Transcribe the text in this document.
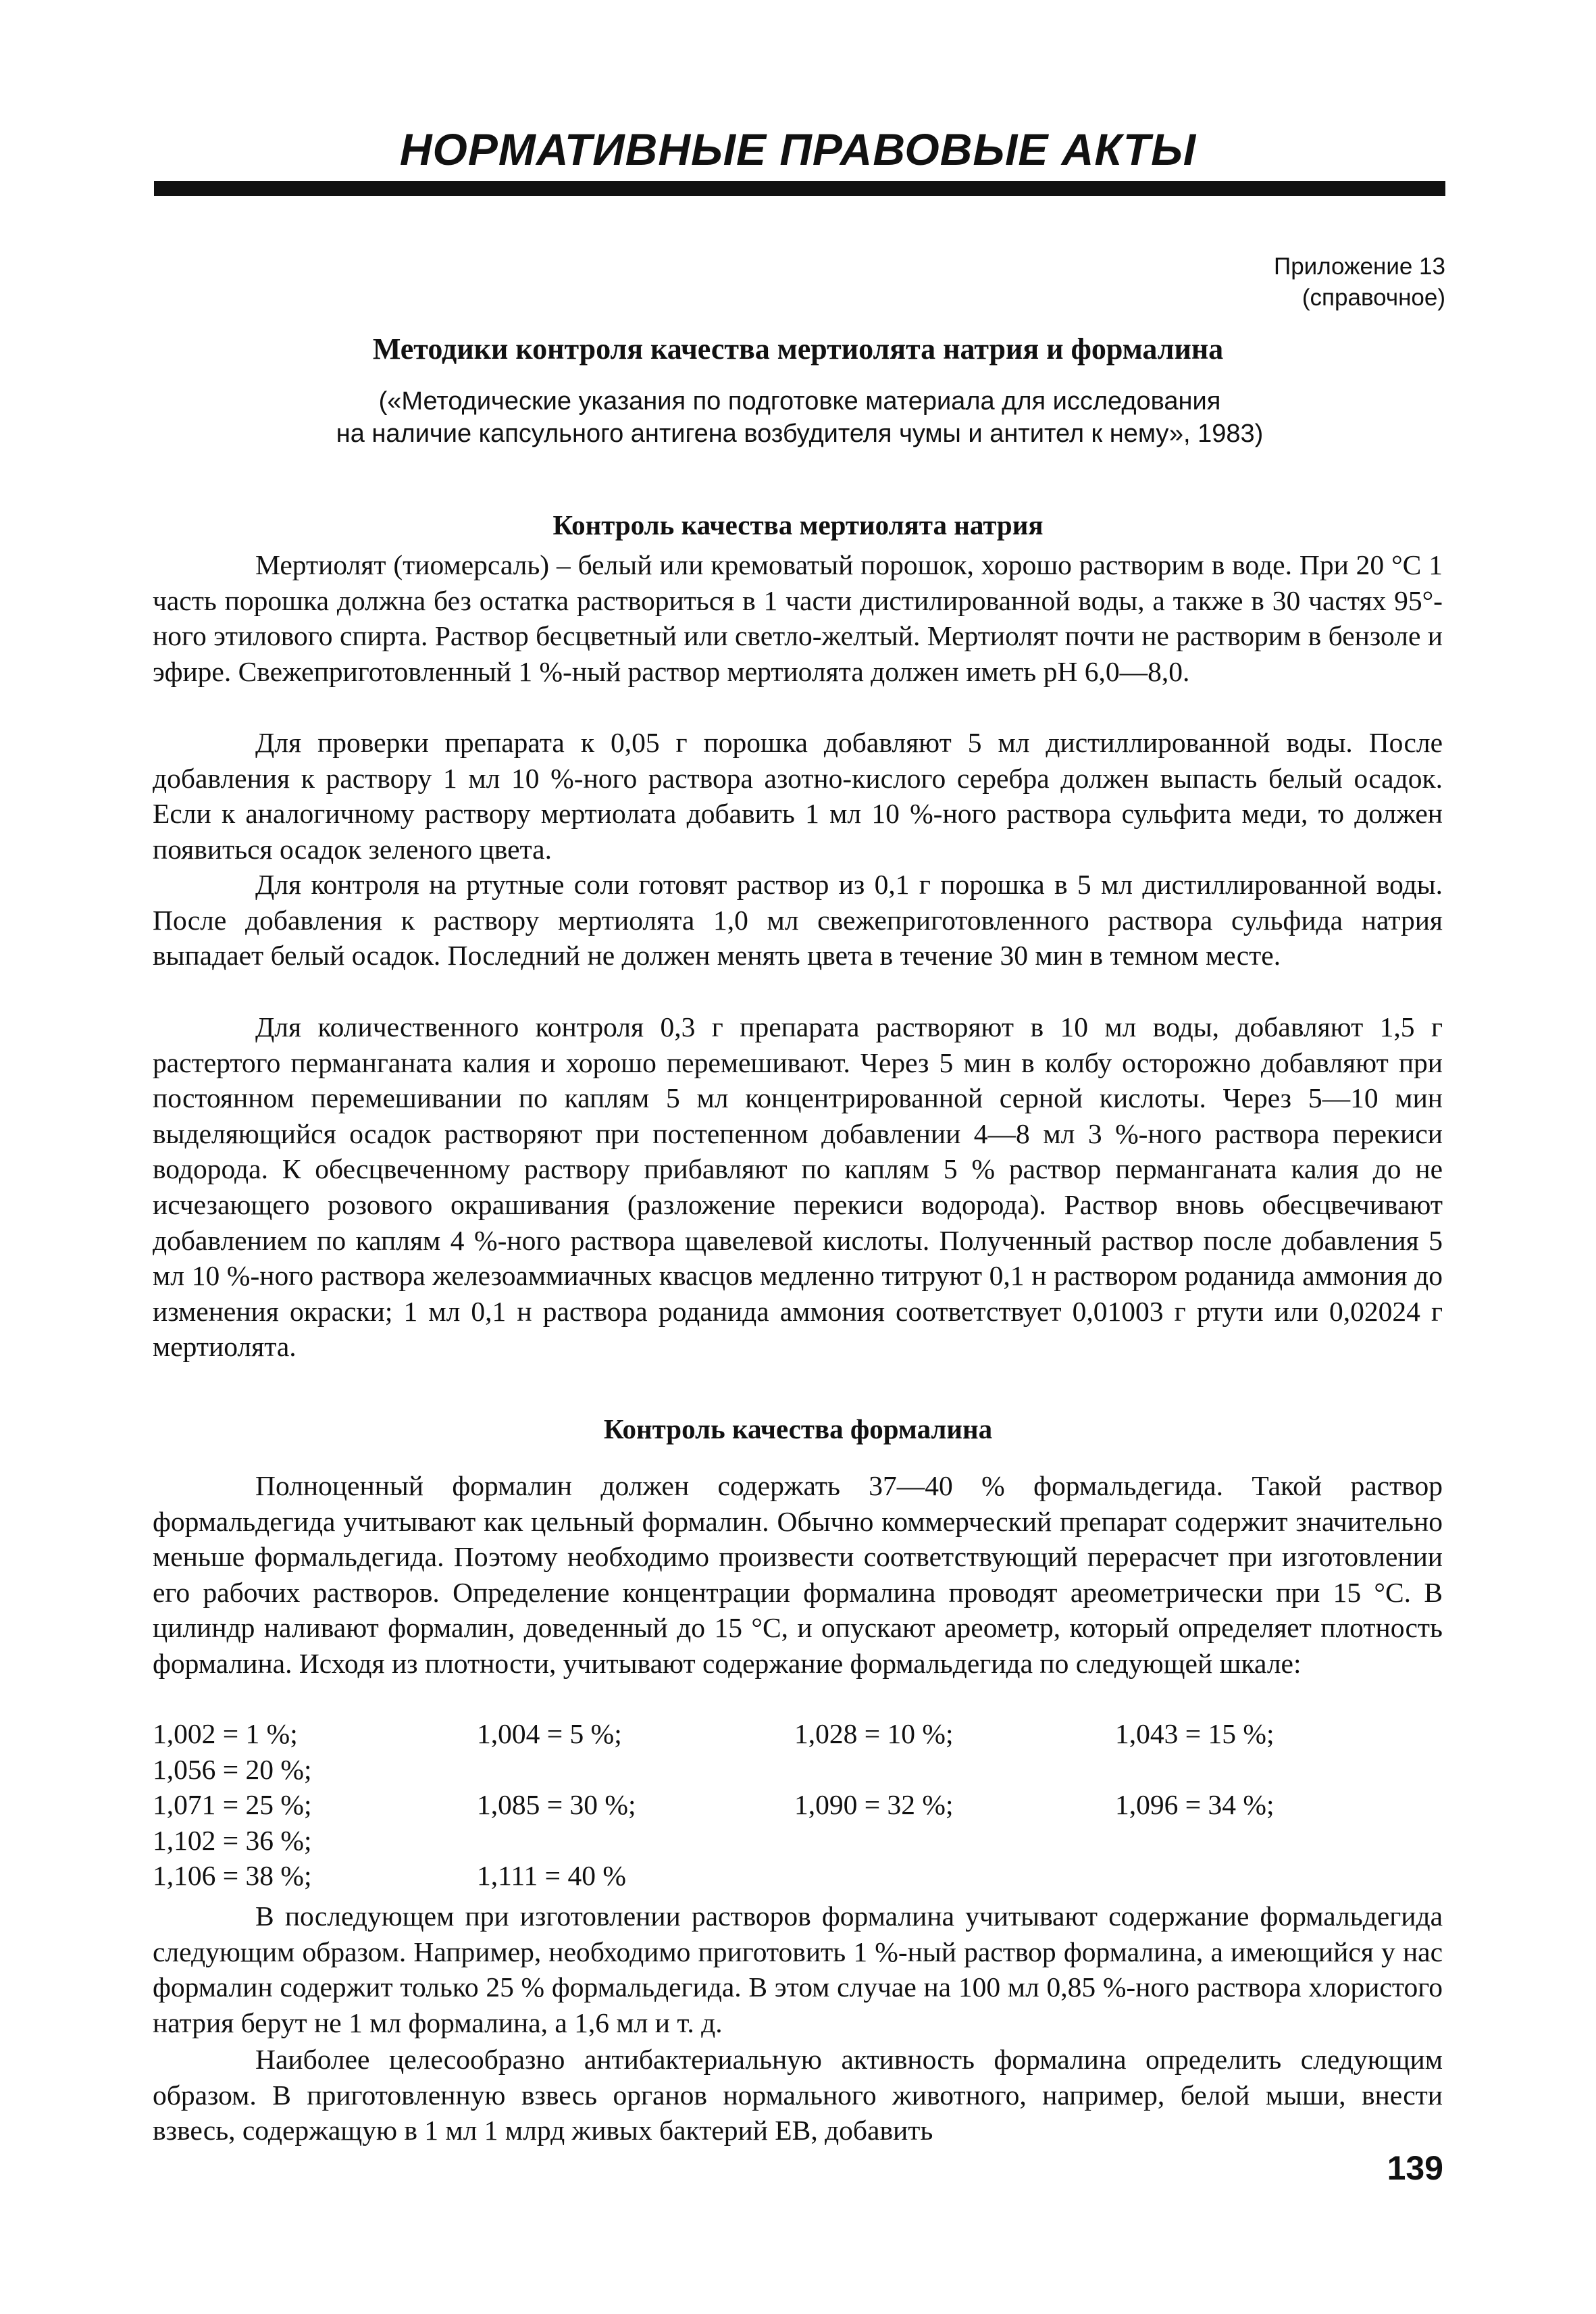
НОРМАТИВНЫЕ ПРАВОВЫЕ АКТЫ
Приложение 13
(справочное)
Методики контроля качества мертиолята натрия и формалина
(«Методические указания по подготовке материала для исследования
на наличие капсульного антигена возбудителя чумы и антител к нему», 1983)
Контроль качества мертиолята натрия

Мертиолят (тиомерсаль) – белый или кремоватый порошок, хорошо растворим в воде. При 20 °С 1 часть порошка должна без остатка раствориться в 1 части дистилированной воды, а также в 30 частях 95°-ного этилового спирта. Раствор бесцветный или светло-желтый. Мертиолят почти не растворим в бензоле и эфире. Свежеприготовленный 1 %-ный раствор мертиолята должен иметь pH 6,0—8,0.

Для проверки препарата к 0,05 г порошка добавляют 5 мл дистиллированной воды. После добавления к раствору 1 мл 10 %-ного раствора азотно-кислого серебра должен выпасть белый осадок. Если к аналогичному раствору мертиолата добавить 1 мл 10 %-ного раствора сульфита меди, то должен появиться осадок зеленого цвета.

Для контроля на ртутные соли готовят раствор из 0,1 г порошка в 5 мл дистиллированной воды. После добавления к раствору мертиолята 1,0 мл свежеприготовленного раствора сульфида натрия выпадает белый осадок. Последний не должен менять цвета в течение 30 мин в темном месте.

Для количественного контроля 0,3 г препарата растворяют в 10 мл воды, добавляют 1,5 г растертого перманганата калия и хорошо перемешивают. Через 5 мин в колбу осторожно добавляют при постоянном перемешивании по каплям 5 мл концентрированной серной кислоты. Через 5—10 мин выделяющийся осадок растворяют при постепенном добавлении 4—8 мл 3 %-ного раствора перекиси водорода. К обесцвеченному раствору прибавляют по каплям 5 % раствор перманганата калия до не исчезающего розового окрашивания (разложение перекиси водорода). Раствор вновь обесцвечивают добавлением по каплям 4 %-ного раствора щавелевой кислоты. Полученный раствор после добавления 5 мл 10 %-ного раствора железоаммиачных квасцов медленно титруют 0,1 н раствором роданида аммония до изменения окраски; 1 мл 0,1 н раствора роданида аммония соответствует 0,01003 г ртути или 0,02024 г мертиолята.

Контроль качества формалина

Полноценный формалин должен содержать 37—40 % формальдегида. Такой раствор формальдегида учитывают как цельный формалин. Обычно коммерческий препарат содержит значительно меньше формальдегида. Поэтому необходимо произвести соответствующий перерасчет при изготовлении его рабочих растворов. Определение концентрации формалина проводят ареометрически при 15 °С. В цилиндр наливают формалин, доведенный до 15 °С, и опускают ареометр, который определяет плотность формалина. Исходя из плотности, учитывают содержание формальдегида по следующей шкале:

1,002 = 1 %;	1,004 = 5 %;	1,028 = 10 %;	1,043 = 15 %;
1,056 = 20 %;
1,071 = 25 %;	1,085 = 30 %;	1,090 = 32 %;	1,096 = 34 %;
1,102 = 36 %;
1,106 = 38 %;	1,111 = 40 %

В последующем при изготовлении растворов формалина учитывают содержание формальдегида следующим образом. Например, необходимо приготовить 1 %-ный раствор формалина, а имеющийся у нас формалин содержит только 25 % формальдегида. В этом случае на 100 мл 0,85 %-ного раствора хлористого натрия берут не 1 мл формалина, а 1,6 мл и т. д.

Наиболее целесообразно антибактериальную активность формалина определить следующим образом. В приготовленную взвесь органов нормального животного, например, белой мыши, внести взвесь, содержащую в 1 мл 1 млрд живых бактерий ЕВ, добавить

139
